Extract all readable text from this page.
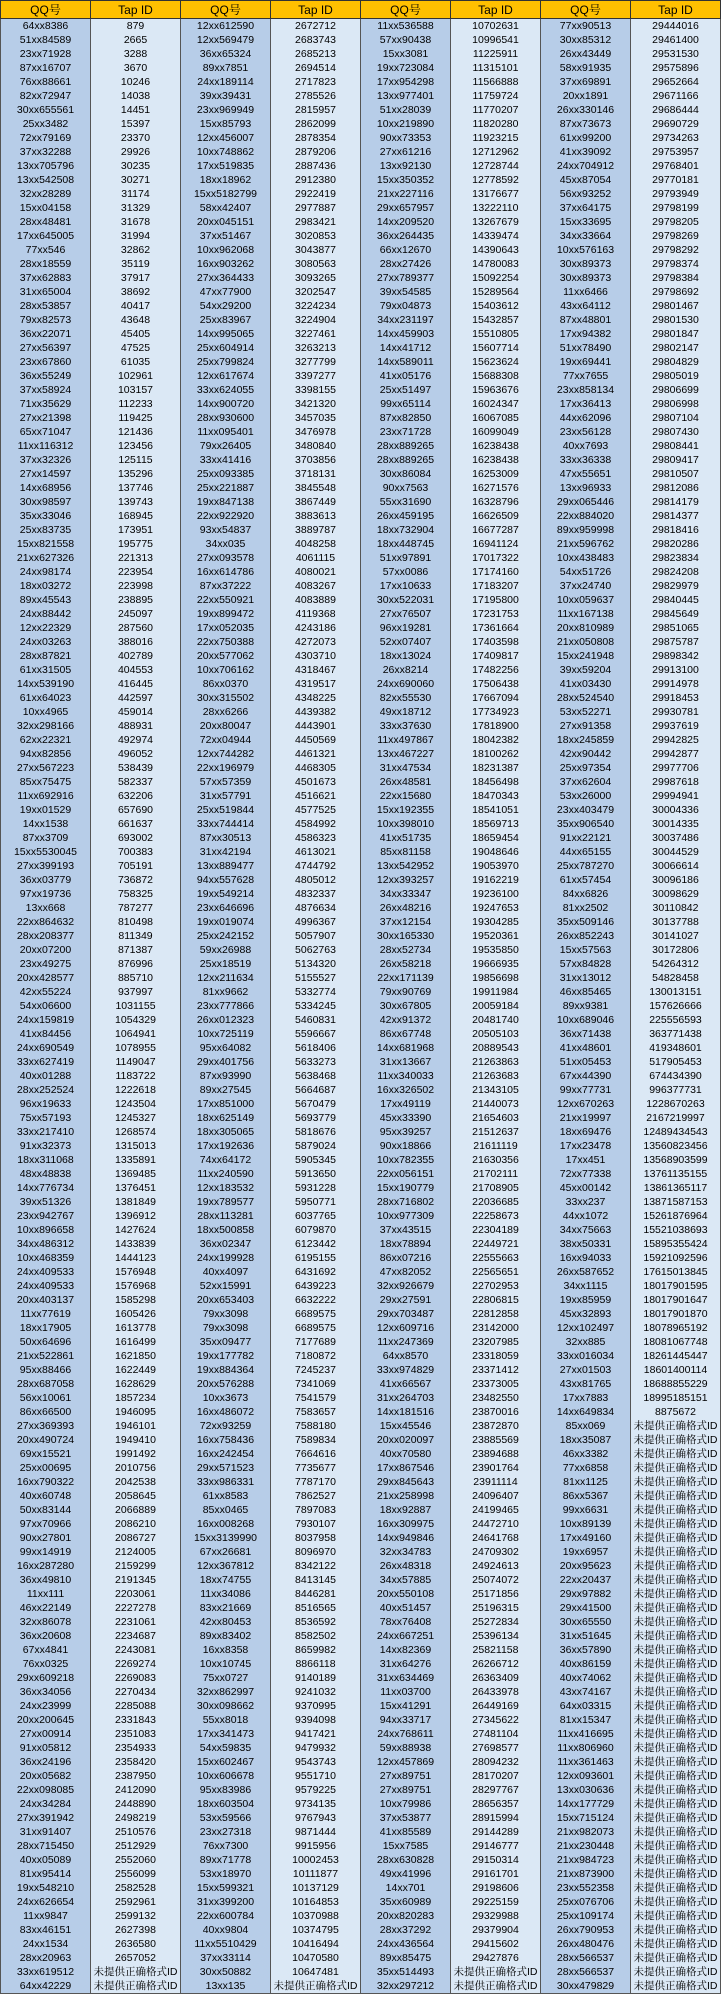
QQ号	Tap ID	QQ号	Tap ID	QQ号	Tap ID	QQ号	Tap ID
64xx8386	879	12xx612590	2672712	11xx536588	10702631	77xx90513	29444016
51xx84589	2665	12xx569479	2683743	57xx90438	10996541	30xx85312	29461400
23xx71928	3288	36xx65324	2685213	15xx3081	11225911	26xx43449	29531530
87xx16707	3670	89xx7851	2694514	19xx723084	11315101	58xx91935	29575896
76xx88661	10246	24xx189114	2717823	17xx954298	11566888	37xx69891	29652664
82xx72947	14038	39xx39431	2785526	13xx977401	11759724	20xx1891	29671166
30xx655561	14451	23xx969949	2815957	51xx28039	11770207	26xx330146	29686444
25xx3482	15397	15xx85793	2862099	10xx219890	11820280	87xx73673	29690729
72xx79169	23370	12xx456007	2878354	90xx73353	11923215	61xx99200	29734263
37xx32288	29926	10xx748862	2879206	27xx61216	12712962	41xx39092	29753957
13xx705796	30235	17xx519835	2887436	13xx92130	12728744	24xx704912	29768401
13xx542508	30271	18xx18962	2912380	15xx350352	12778592	45xx87054	29770181
32xx28289	31174	15xx5182799	2922419	21xx227116	13176677	56xx93252	29793949
15xx04158	31329	58xx42407	2977887	29xx657957	13222110	37xx64175	29798199
28xx48481	31678	20xx045151	2983421	14xx209520	13267679	15xx33695	29798205
17xx645005	31994	37xx51467	3020853	36xx264435	14339474	34xx33664	29798269
77xx546	32862	10xx962068	3043877	66xx12670	14390643	10xx576163	29798292
28xx18559	35119	16xx903262	3080563	28xx27426	14780083	30xx89373	29798374
37xx62883	37917	27xx364433	3093265	27xx789377	15092254	30xx89373	29798384
31xx65004	38692	47xx77900	3202547	39xx54585	15289564	11xx6466	29798692
28xx53857	40417	54xx29200	3224234	79xx04873	15403612	43xx64112	29801467
79xx82573	43648	25xx83967	3224904	34xx231197	15432857	87xx48801	29801530
36xx22071	45405	14xx995065	3227461	14xx459903	15510805	17xx94382	29801847
27xx56397	47525	25xx604914	3263213	14xx41712	15607714	51xx78490	29802147
23xx67860	61035	25xx799824	3277799	14xx589011	15623624	19xx69441	29804829
36xx55249	102961	12xx617674	3397277	41xx05176	15688308	77xx7655	29805019
37xx58924	103157	33xx624055	3398155	25xx51497	15963676	23xx858134	29806699
71xx35629	112233	14xx900720	3421320	99xx65114	16024347	17xx36413	29806998
27xx21398	119425	28xx930600	3457035	87xx82850	16067085	44xx62096	29807104
65xx71047	121436	11xx095401	3476978	23xx71728	16099049	23xx56128	29807430
11xx116312	123456	79xx26405	3480840	28xx889265	16238438	40xx7693	29808441
37xx32326	125115	33xx41416	3703856	28xx889265	16238438	33xx36338	29809417
27xx14597	135296	25xx093385	3718131	30xx86084	16253009	47xx55651	29810507
14xx68956	137746	25xx221887	3845548	90xx7563	16271576	13xx96933	29812086
30xx98597	139743	19xx847138	3867449	55xx31690	16328796	29xx065446	29814179
35xx33046	168945	22xx922920	3883613	26xx459195	16626509	22xx884020	29814377
25xx83735	173951	93xx54837	3889787	18xx732904	16677287	89xx959998	29818416
15xx821558	195775	34xx035	4048258	18xx448745	16941124	21xx596762	29820286
21xx627326	221313	27xx093578	4061115	51xx97891	17017322	10xx438483	29823834
24xx98174	223954	16xx614786	4080021	57xx0086	17174160	54xx51726	29824208
18xx03272	223998	87xx37222	4083267	17xx10633	17183207	37xx24740	29829979
89xx45543	238895	22xx550921	4083889	30xx522031	17195800	10xx059637	29840445
24xx88442	245097	19xx899472	4119368	27xx76507	17231753	11xx167138	29845649
12xx22329	287560	17xx052035	4243186	96xx19281	17361664	20xx810989	29851065
24xx03263	388016	22xx750388	4272073	52xx07407	17403598	21xx050808	29875787
28xx87821	402789	20xx577062	4303710	18xx13024	17409817	15xx241948	29898342
61xx31505	404553	10xx706162	4318467	26xx8214	17482256	39xx59204	29913100
14xx539190	416445	86xx0370	4319517	24xx690060	17506438	41xx03430	29914978
61xx64023	442597	30xx315502	4348225	82xx55530	17667094	28xx524540	29918453
10xx4965	459014	28xx6266	4439382	49xx18712	17734923	53xx52271	29930781
32xx298166	488931	20xx80047	4443901	33xx37630	17818900	27xx91358	29937619
62xx22321	492974	72xx04944	4450569	11xx497867	18042382	18xx245859	29942825
94xx82856	496052	12xx744282	4461321	13xx467227	18100262	42xx90442	29942877
27xx567223	538439	22xx196979	4468305	31xx47534	18231387	25xx97354	29977706
85xx75475	582337	57xx57359	4501673	26xx48581	18456498	37xx62604	29987618
11xx692916	632206	31xx57791	4516621	22xx15680	18470343	53xx26000	29994941
19xx01529	657690	25xx519844	4577525	15xx192355	18541051	23xx403479	30004336
14xx1538	661637	33xx744414	4584992	10xx398010	18569713	35xx906540	30014335
87xx3709	693002	87xx30513	4586323	41xx51735	18659454	91xx22121	30037486
15xx5530045	700383	31xx42194	4613021	85xx81158	19048646	44xx65155	30044529
27xx399193	705191	13xx889477	4744792	13xx542952	19053970	25xx787270	30066614
36xx03779	736872	94xx557628	4805012	12xx393257	19162219	61xx57454	30096186
97xx19736	758325	19xx549214	4832337	34xx33347	19236100	84xx6826	30098629
13xx668	787277	23xx646696	4876634	26xx48216	19247653	81xx2502	30110842
22xx864632	810498	19xx019074	4996367	37xx12154	19304285	35xx509146	30137788
28xx208377	811349	25xx242152	5057907	30xx165330	19520361	26xx852243	30141027
20xx07200	871387	59xx26988	5062763	28xx52734	19535850	15xx57563	30172806
23xx49275	876996	25xx18519	5134320	26xx58218	19666935	57xx84828	54264312
20xx428577	885710	12xx211634	5155527	22xx171139	19856698	31xx13012	54828458
42xx55224	937997	81xx9662	5332774	79xx90769	19911984	46xx85465	130013151
54xx06600	1031155	23xx777866	5334245	30xx67805	20059184	89xx9381	157626666
24xx159819	1054329	26xx012323	5460831	42xx91372	20481740	10xx689046	225556593
41xx84456	1064941	10xx725119	5596667	86xx67748	20505103	36xx71438	363771438
24xx690549	1078955	95xx64082	5618406	14xx681968	20889543	41xx48601	419348601
33xx627419	1149047	29xx401756	5633273	31xx13667	21263863	51xx05453	517905453
40xx01288	1183722	87xx93990	5638468	11xx340033	21263683	67xx44390	674434390
28xx252524	1222618	89xx27545	5664687	16xx326502	21343105	99xx77731	996377731
96xx19633	1243504	17xx851000	5670479	17xx49119	21440073	12xx670263	1228670263
75xx57193	1245327	18xx625149	5693779	45xx33390	21654603	21xx19997	2167219997
33xx217410	1268574	18xx305065	5818676	95xx39257	21512637	18xx69476	12489434543
91xx32373	1315013	17xx192636	5879024	90xx18866	21611119	17xx23478	13560823456
18xx311068	1335891	74xx64172	5905345	10xx782355	21630356	17xx451	13568903599
48xx48838	1369485	11xx240590	5913650	22xx056151	21702111	72xx77338	13761135155
14xx776734	1376451	12xx183532	5931228	15xx190779	21708905	45xx00142	13861365117
39xx51326	1381849	19xx789577	5950771	28xx716802	22036685	33xx237	13871587153
23xx942767	1396912	28xx113281	6037765	10xx977309	22258673	44xx1072	15261876964
10xx896658	1427624	18xx500858	6079870	37xx43515	22304189	34xx75663	15521038693
34xx486312	1433839	36xx02347	6123442	18xx78894	22449721	38xx50331	15895355424
10xx468359	1444123	24xx199928	6195155	86xx07216	22555663	16xx94033	15921092596
24xx409533	1576948	40xx4097	6431692	47xx82052	22565651	26xx587652	17615013845
24xx409533	1576968	52xx15991	6439223	32xx926679	22702953	34xx1115	18017901595
20xx403137	1585298	20xx653403	6632222	29xx27591	22806815	19xx85959	18017901647
11xx77619	1605426	79xx3098	6689575	29xx703487	22812858	45xx32893	18017901870
18xx17905	1613778	79xx3098	6689575	12xx609716	23142000	12xx102497	18078965192
50xx64696	1616499	35xx09477	7177689	11xx247369	23207985	32xx885	18081067748
21xx522861	1621850	19xx177782	7180872	64xx8570	23318059	33xx016034	18261445447
95xx88466	1622449	19xx884364	7245237	33xx974829	23371412	27xx01503	18601400114
28xx687058	1628629	20xx576288	7341069	41xx66567	23373005	43xx81765	18688855229
56xx10061	1857234	10xx3673	7541579	31xx264703	23482550	17xx7883	18995185151
86xx66500	1946095	16xx486072	7583657	14xx181516	23870016	14xx649834	8875672
27xx369393	1946101	72xx93259	7588180	15xx45546	23872870	85xx069	未提供正确格式ID
20xx490724	1949410	16xx758436	7589834	20xx020097	23885569	18xx35087	未提供正确格式ID
69xx15521	1991492	16xx242454	7664616	40xx70580	23894688	46xx3382	未提供正确格式ID
25xx00695	2010756	29xx571523	7735677	17xx867546	23901764	77xx6858	未提供正确格式ID
16xx790322	2042538	33xx986331	7787170	29xx845643	23911114	81xx1125	未提供正确格式ID
40xx60748	2058645	61xx8583	7862527	21xx258998	24096407	86xx5367	未提供正确格式ID
50xx83144	2066889	85xx0465	7897083	18xx92887	24199465	99xx6631	未提供正确格式ID
97xx70966	2086210	16xx008268	7930107	16xx309975	24472710	10xx89139	未提供正确格式ID
90xx27801	2086727	15xx3139990	8037958	14xx949846	24641768	17xx49160	未提供正确格式ID
99xx14919	2124005	67xx26681	8096970	32xx34783	24709302	19xx6957	未提供正确格式ID
16xx287280	2159299	12xx367812	8342122	26xx48318	24924613	20xx95623	未提供正确格式ID
36xx49810	2191345	18xx74755	8413145	34xx57885	25074072	22xx20437	未提供正确格式ID
11xx111	2203061	11xx34086	8446281	20xx550108	25171856	29xx97882	未提供正确格式ID
46xx22149	2227278	83xx21669	8516565	40xx51457	25196315	29xx41500	未提供正确格式ID
32xx86078	2231061	42xx80453	8536592	78xx76408	25272834	30xx65550	未提供正确格式ID
36xx20608	2234687	89xx83402	8582502	24xx667251	25396134	31xx51645	未提供正确格式ID
67xx4841	2243081	16xx8358	8659982	14xx82369	25821158	36xx57890	未提供正确格式ID
76xx0325	2269274	10xx10745	8866118	31xx64276	26266712	40xx86159	未提供正确格式ID
29xx609218	2269083	75xx0727	9140189	31xx634469	26363409	40xx74062	未提供正确格式ID
36xx34056	2270434	32xx862997	9241032	11xx03700	26433978	43xx74167	未提供正确格式ID
24xx23999	2285088	30xx098662	9370995	15xx41291	26449169	64xx03315	未提供正确格式ID
20xx200645	2331843	55xx8018	9394098	94xx33717	27345622	81xx15347	未提供正确格式ID
27xx00914	2351083	17xx341473	9417421	24xx768611	27481104	11xx416695	未提供正确格式ID
91xx05812	2354933	54xx59835	9479932	59xx88938	27698577	11xx806960	未提供正确格式ID
36xx24196	2358420	15xx602467	9543743	12xx457869	28094232	11xx361463	未提供正确格式ID
20xx05682	2387950	10xx606678	9551710	27xx89751	28170207	12xx093601	未提供正确格式ID
22xx098085	2412090	95xx83986	9579225	27xx89751	28297767	13xx030636	未提供正确格式ID
24xx34284	2448890	18xx603504	9734135	10xx79986	28656357	14xx177729	未提供正确格式ID
27xx391942	2498219	53xx59566	9767943	37xx53877	28915994	15xx715124	未提供正确格式ID
31xx91407	2510576	23xx27318	9871444	41xx85589	29144289	21xx982073	未提供正确格式ID
28xx715450	2512929	76xx7300	9915956	15xx7585	29146777	21xx230448	未提供正确格式ID
40xx05089	2552060	89xx71778	10002453	28xx630828	29150314	21xx984723	未提供正确格式ID
81xx95414	2556099	53xx18970	10111877	49xx41996	29161701	21xx873900	未提供正确格式ID
19xx548210	2582528	15xx599321	10137129	14xx701	29198606	23xx552358	未提供正确格式ID
24xx626654	2592961	31xx399200	10164853	35xx60989	29225159	25xx076706	未提供正确格式ID
11xx9847	2599132	22xx600784	10370988	20xx820283	29329988	25xx109174	未提供正确格式ID
83xx46151	2627398	40xx9804	10374795	28xx37292	29379904	26xx790953	未提供正确格式ID
24xx1534	2636580	11xx5510429	10416494	24xx436564	29415602	26xx480476	未提供正确格式ID
28xx20963	2657052	37xx33114	10470580	89xx85475	29427876	28xx566537	未提供正确格式ID
33xx619512	未提供正确格式ID	30xx50882	10647481	35xx514493	未提供正确格式ID	28xx566537	未提供正确格式ID
64xx42229	未提供正确格式ID	13xx135	未提供正确格式ID	32xx297212	未提供正确格式ID	30xx479829	未提供正确格式ID
